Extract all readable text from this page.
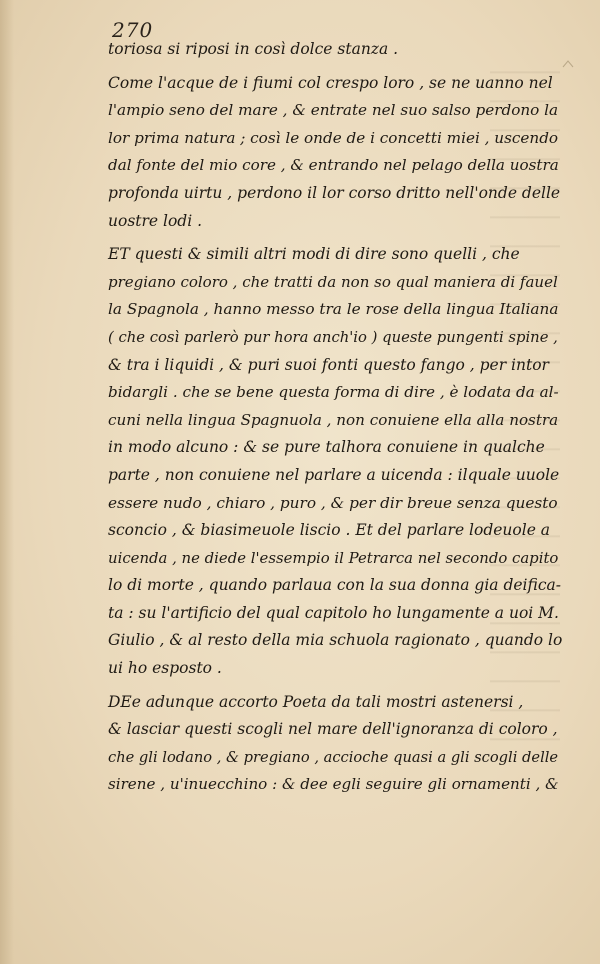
270
toriosa si riposi in così dolce stanza .
Come l'acque de i fiumi col crespo loro , se ne uanno nel
l'ampio seno del mare , & entrate nel suo salso perdono la
lor prima natura ; così le onde de i concetti miei , uscendo
dal fonte del mio core , & entrando nel pelago della uostra
profonda uirtu , perdono il lor corso dritto nell'onde delle
uostre lodi .
ET questi & simili altri modi di dire sono quelli , che
pregiano coloro , che tratti da non so qual maniera di fauel
la Spagnola , hanno messo tra le rose della lingua Italiana
( che così parlerò pur hora anch'io ) queste pungenti spine ,
& tra i liquidi , & puri suoi fonti questo fango , per intor
bidargli . che se bene questa forma di dire , è lodata da al-
cuni nella lingua Spagnuola , non conuiene ella alla nostra
in modo alcuno : & se pure talhora conuiene in qualche
parte , non conuiene nel parlare a uicenda : ilquale uuole
essere nudo , chiaro , puro , & per dir breue senza questo
sconcio , & biasimeuole liscio . Et del parlare lodeuole a
uicenda , ne diede l'essempio il Petrarca nel secondo capito
lo di morte , quando parlaua con la sua donna gia deifica-
ta : su l'artificio del qual capitolo ho lungamente a uoi M.
Giulio , & al resto della mia schuola ragionato , quando lo
ui ho esposto .
DEe adunque accorto Poeta da tali mostri astenersi ,
& lasciar questi scogli nel mare dell'ignoranza di coloro ,
che gli lodano , & pregiano , accioche quasi a gli scogli delle
sirene , u'inuecchino : & dee egli seguire gli ornamenti , &
